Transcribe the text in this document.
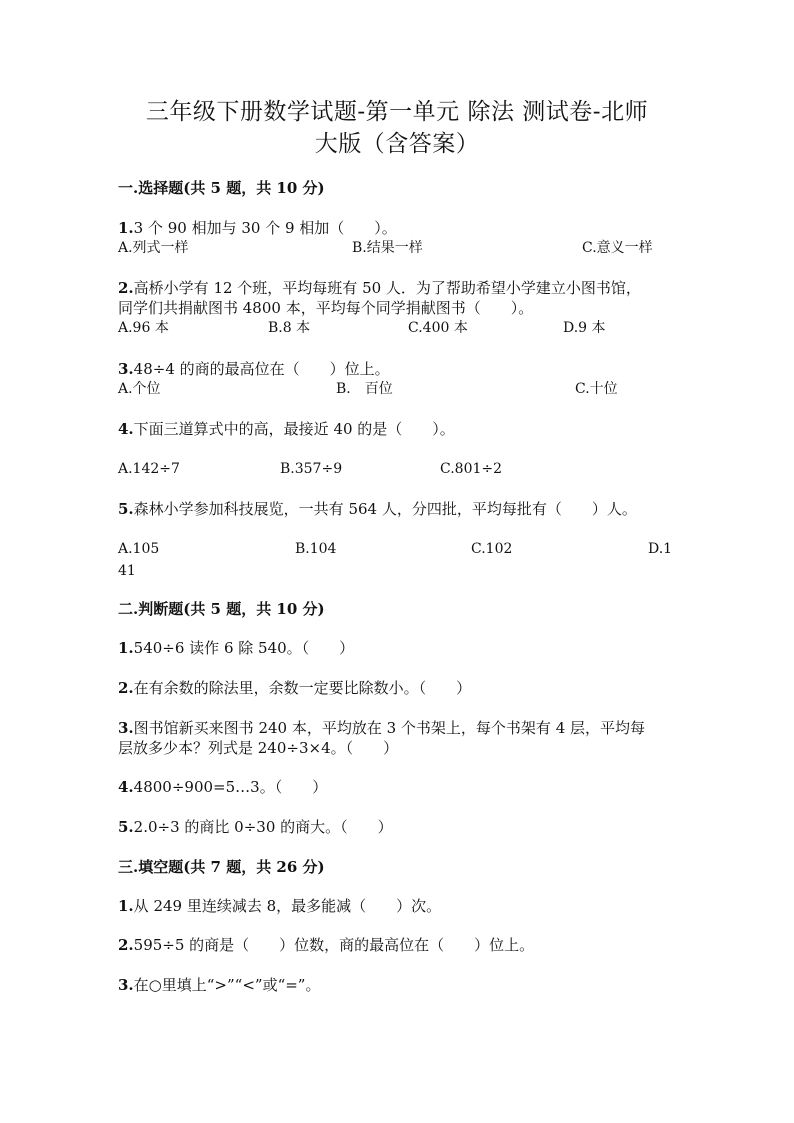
三年级下册数学试题-第一单元 除法 测试卷-北师
大版（含答案）
一.选择题(共 5 题，共 10 分)
1.3 个 90 相加与 30 个 9 相加（　　）。
A.列式一样	B.结果一样	C.意义一样
2.高桥小学有 12 个班，平均每班有 50 人．为了帮助希望小学建立小图书馆，
同学们共捐献图书 4800 本，平均每个同学捐献图书（　　）。
A.96 本	B.8 本	C.400 本	D.9 本
3.48÷4 的商的最高位在（　　）位上。
A.个位	B.　百位	C.十位
4.下面三道算式中的高，最接近 40 的是（　　）。
A.142÷7	B.357÷9	C.801÷2
5.森林小学参加科技展览，一共有 564 人，分四批，平均每批有（　　）人。
A.105	B.104	C.102	D.1
41
二.判断题(共 5 题，共 10 分)
1.540÷6 读作 6 除 540。（　　）
2.在有余数的除法里，余数一定要比除数小。（　　）
3.图书馆新买来图书 240 本，平均放在 3 个书架上，每个书架有 4 层，平均每
层放多少本？列式是 240÷3×4。（　　）
4.4800÷900=5…3。（　　）
5.2.0÷3 的商比 0÷30 的商大。（　　）
三.填空题(共 7 题，共 26 分)
1.从 249 里连续减去 8，最多能减（　　）次。
2.595÷5 的商是（　　）位数，商的最高位在（　　）位上。
3.在○里填上“>”“<”或“=”。
